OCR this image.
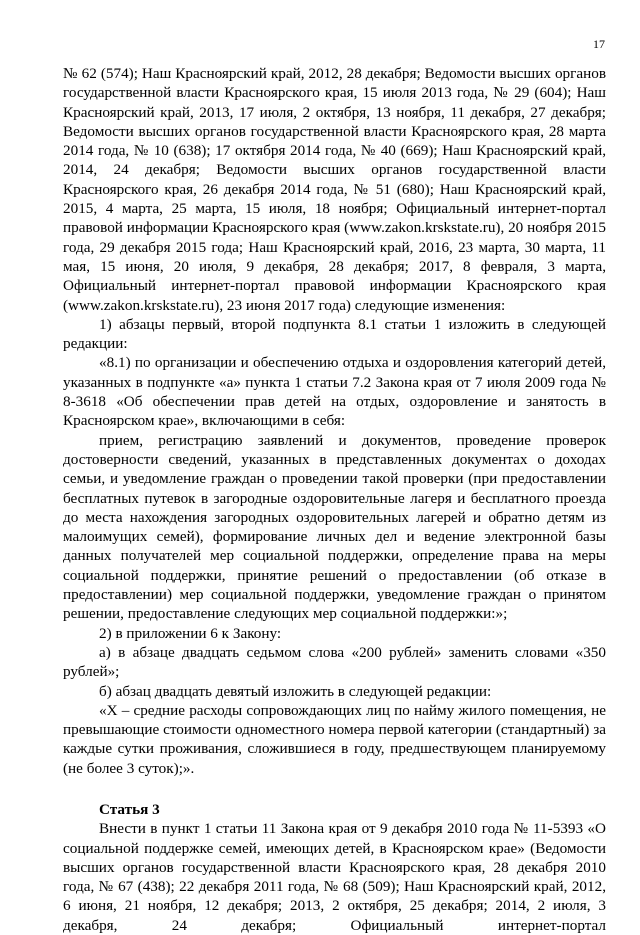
17

№ 62 (574); Наш Красноярский край, 2012, 28 декабря; Ведомости высших органов государственной власти Красноярского края, 15 июля 2013 года, № 29 (604); Наш Красноярский край, 2013, 17 июля, 2 октября, 13 ноября, 11 декабря, 27 декабря; Ведомости высших органов государственной власти Красноярского края, 28 марта 2014 года, № 10 (638); 17 октября 2014 года, № 40 (669); Наш Красноярский край, 2014, 24 декабря; Ведомости высших органов государственной власти Красноярского края, 26 декабря 2014 года, № 51 (680); Наш Красноярский край, 2015, 4 марта, 25 марта, 15 июля, 18 ноября; Официальный интернет-портал правовой информации Красноярского края (www.zakon.krskstate.ru), 20 ноября 2015 года, 29 декабря 2015 года; Наш Красноярский край, 2016, 23 марта, 30 марта, 11 мая, 15 июня, 20 июля, 9 декабря, 28 декабря; 2017, 8 февраля, 3 марта, Официальный интернет-портал правовой информации Красноярского края (www.zakon.krskstate.ru), 23 июня 2017 года) следующие изменения:

1) абзацы первый, второй подпункта 8.1 статьи 1 изложить в следующей редакции:

«8.1) по организации и обеспечению отдыха и оздоровления категорий детей, указанных в подпункте «а» пункта 1 статьи 7.2 Закона края от 7 июля 2009 года № 8-3618 «Об обеспечении прав детей на отдых, оздоровление и занятость в Красноярском крае», включающими в себя:

прием, регистрацию заявлений и документов, проведение проверок достоверности сведений, указанных в представленных документах о доходах семьи, и уведомление граждан о проведении такой проверки (при предоставлении бесплатных путевок в загородные оздоровительные лагеря и бесплатного проезда до места нахождения загородных оздоровительных лагерей и обратно детям из малоимущих семей), формирование личных дел и ведение электронной базы данных получателей мер социальной поддержки, определение права на меры социальной поддержки, принятие решений о предоставлении (об отказе в предоставлении) мер социальной поддержки, уведомление граждан о принятом решении, предоставление следующих мер социальной поддержки:»;

2) в приложении 6 к Закону:

а) в абзаце двадцать седьмом слова «200 рублей» заменить словами «350 рублей»;

б) абзац двадцать девятый изложить в следующей редакции:

«Х – средние расходы сопровождающих лиц по найму жилого помещения, не превышающие стоимости одноместного номера первой категории (стандартный) за каждые сутки проживания, сложившиеся в году, предшествующем планируемому (не более 3 суток);».

Статья 3

Внести в пункт 1 статьи 11 Закона края от 9 декабря 2010 года № 11-5393 «О социальной поддержке семей, имеющих детей, в Красноярском крае» (Ведомости высших органов государственной власти Красноярского края, 28 декабря 2010 года, № 67 (438); 22 декабря 2011 года, № 68 (509); Наш Красноярский край, 2012, 6 июня, 21 ноября, 12 декабря; 2013, 2 октября, 25 декабря; 2014, 2 июля, 3 декабря, 24 декабря; Официальный интернет-портал
